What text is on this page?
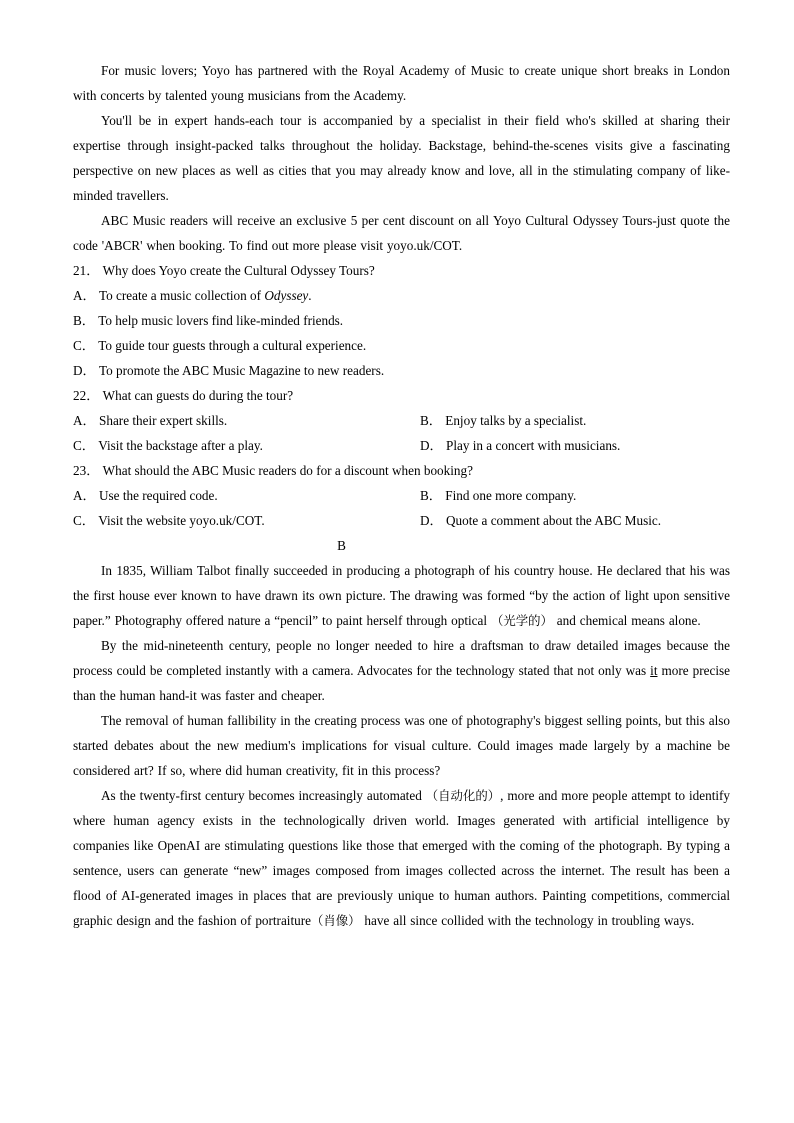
For music lovers; Yoyo has partnered with the Royal Academy of Music to create unique short breaks in London with concerts by talented young musicians from the Academy.

You'll be in expert hands-each tour is accompanied by a specialist in their field who's skilled at sharing their expertise through insight-packed talks throughout the holiday. Backstage, behind-the-scenes visits give a fascinating perspective on new places as well as cities that you may already know and love, all in the stimulating company of like-minded travellers.

ABC Music readers will receive an exclusive 5 per cent discount on all Yoyo Cultural Odyssey Tours-just quote the code 'ABCR' when booking. To find out more please visit yoyo.uk/COT.

21． Why does Yoyo create the Cultural Odyssey Tours?

A． To create a music collection of Odyssey.

B． To help music lovers find like-minded friends.

C． To guide tour guests through a cultural experience.

D． To promote the ABC Music Magazine to new readers.

22． What can guests do during the tour?

A． Share their expert skills.	B． Enjoy talks by a specialist.
C． Visit the backstage after a play.	D． Play in a concert with musicians.

23． What should the ABC Music readers do for a discount when booking?

A． Use the required code.	B． Find one more company.
C． Visit the website yoyo.uk/COT.	D． Quote a comment about the ABC Music.

B

In 1835, William Talbot finally succeeded in producing a photograph of his country house. He declared that his was the first house ever known to have drawn its own picture. The drawing was formed “by the action of light upon sensitive paper.” Photography offered nature a “pencil” to paint herself through optical （光学的） and chemical means alone.

By the mid-nineteenth century, people no longer needed to hire a draftsman to draw detailed images because the process could be completed instantly with a camera. Advocates for the technology stated that not only was it more precise than the human hand-it was faster and cheaper.

The removal of human fallibility in the creating process was one of photography's biggest selling points, but this also started debates about the new medium's implications for visual culture. Could images made largely by a machine be considered art? If so, where did human creativity, fit in this process?

As the twenty-first century becomes increasingly automated （自动化的）, more and more people attempt to identify where human agency exists in the technologically driven world. Images generated with artificial intelligence by companies like OpenAI are stimulating questions like those that emerged with the coming of the photograph. By typing a sentence, users can generate “new” images composed from images collected across the internet. The result has been a flood of AI-generated images in places that are previously unique to human authors. Painting competitions, commercial graphic design and the fashion of portraiture（肖像） have all since collided with the technology in troubling ways.
